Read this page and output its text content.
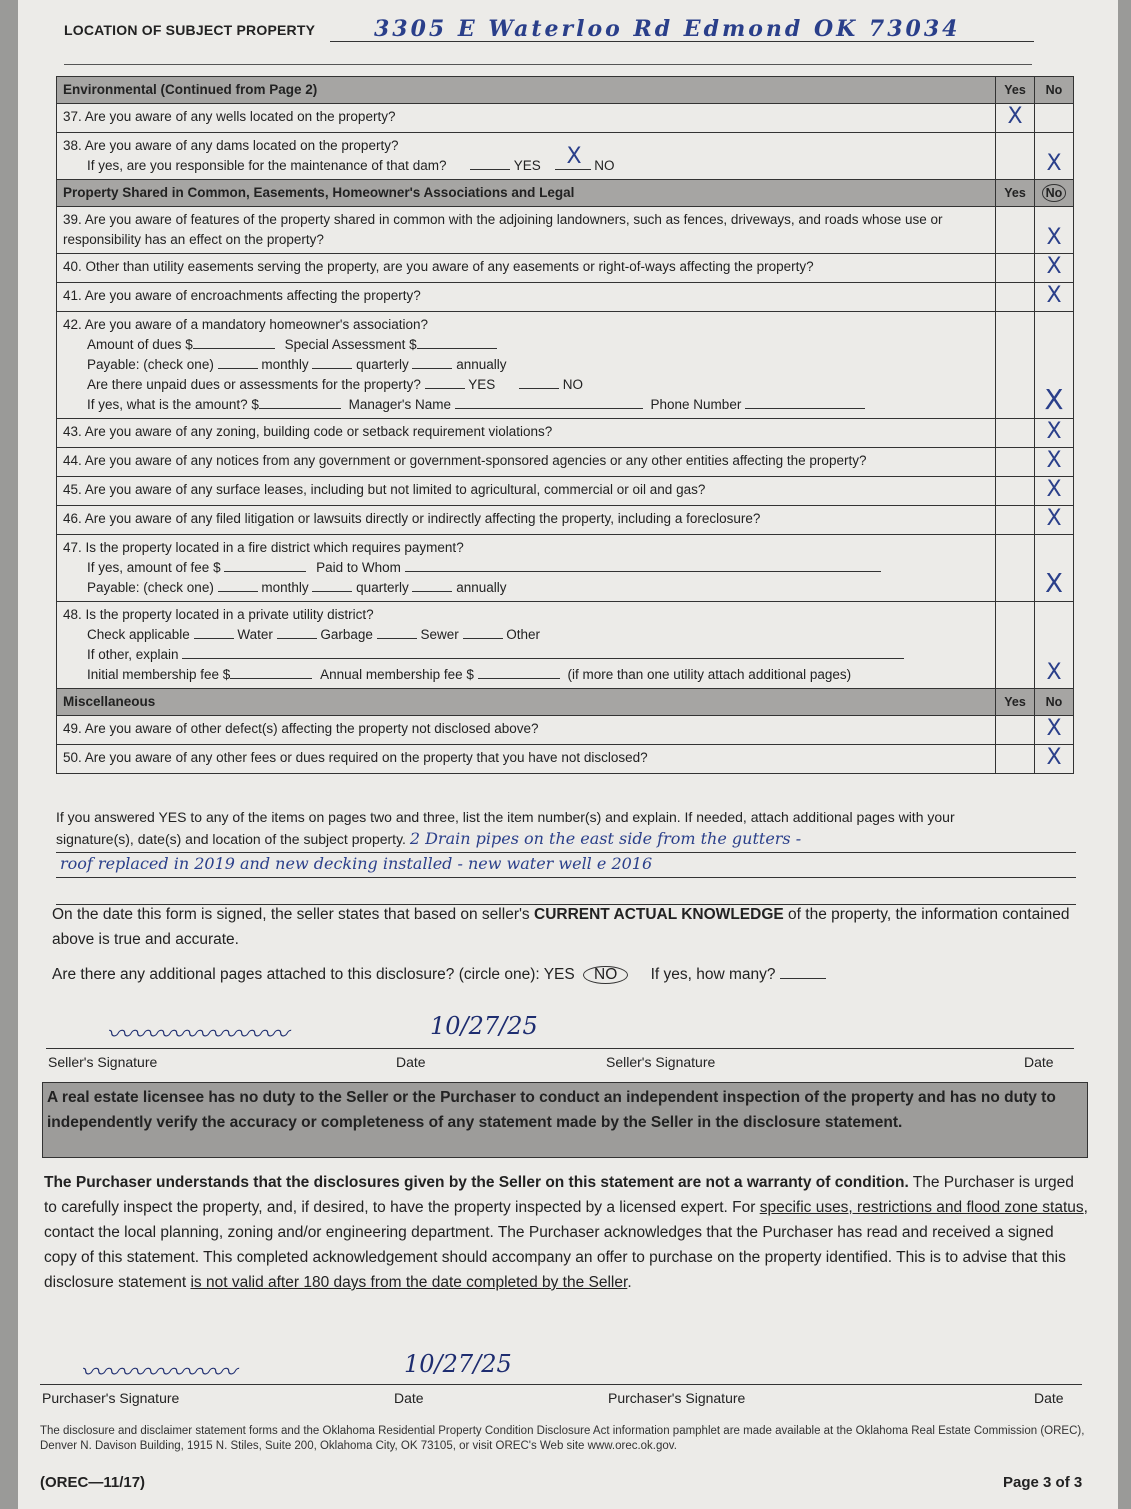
LOCATION OF SUBJECT PROPERTY	3305 E Waterloo Rd Edmond OK 73034
Environmental (Continued from Page 2)	Yes	No
37. Are you aware of any wells located on the property?	X	

38. Are you aware of any dams located on the property?
If yes, are you responsible for the maintenance of that dam? YES X NO		X
Property Shared in Common, Easements, Homeowner's Associations and Legal	Yes	No
39. Are you aware of features of the property shared in common with the adjoining landowners, such as fences, driveways, and roads whose use or responsibility has an effect on the property?		X
40. Other than utility easements serving the property, are you aware of any easements or right-of-ways affecting the property?		X
41. Are you aware of encroachments affecting the property?		X

42. Are you aware of a mandatory homeowner's association?
Amount of dues $ Special Assessment $
Payable: (check one) monthly quarterly annually
Are there unpaid dues or assessments for the property? YES NO
If yes, what is the amount? $ Manager's Name Phone Number		X
43. Are you aware of any zoning, building code or setback requirement violations?		X
44. Are you aware of any notices from any government or government-sponsored agencies or any other entities affecting the property?		X
45. Are you aware of any surface leases, including but not limited to agricultural, commercial or oil and gas?		X
46. Are you aware of any filed litigation or lawsuits directly or indirectly affecting the property, including a foreclosure?		X

47. Is the property located in a fire district which requires payment?
If yes, amount of fee $ Paid to Whom
Payable: (check one) monthly quarterly annually		X

48. Is the property located in a private utility district?
Check applicable Water Garbage Sewer Other
If other, explain
Initial membership fee $ Annual membership fee $ (if more than one utility attach additional pages)		X
Miscellaneous	Yes	No
49. Are you aware of other defect(s) affecting the property not disclosed above?		X
50. Are you aware of any other fees or dues required on the property that you have not disclosed?		X
If you answered YES to any of the items on pages two and three, list the item number(s) and explain. If needed, attach additional pages with your
signature(s), date(s) and location of the subject property. 2 Drain pipes on the east side from the gutters -
roof replaced in 2019 and new decking installed - new water well e 2016
On the date this form is signed, the seller states that based on seller's CURRENT ACTUAL KNOWLEDGE of the property, the information contained above is true and accurate.
Are there any additional pages attached to this disclosure? (circle one): YES NO If yes, how many?
〰〰〰〰〰〰〰	10/27/25
Seller's Signature	Date	Seller's Signature	Date
A real estate licensee has no duty to the Seller or the Purchaser to conduct an independent inspection of the property and has no duty to independently verify the accuracy or completeness of any statement made by the Seller in the disclosure statement.
The Purchaser understands that the disclosures given by the Seller on this statement are not a warranty of condition. The Purchaser is urged to carefully inspect the property, and, if desired, to have the property inspected by a licensed expert. For specific uses, restrictions and flood zone status, contact the local planning, zoning and/or engineering department. The Purchaser acknowledges that the Purchaser has read and received a signed copy of this statement. This completed acknowledgement should accompany an offer to purchase on the property identified. This is to advise that this disclosure statement is not valid after 180 days from the date completed by the Seller.
〰〰〰〰〰〰	10/27/25
Purchaser's Signature	Date	Purchaser's Signature	Date
The disclosure and disclaimer statement forms and the Oklahoma Residential Property Condition Disclosure Act information pamphlet are made available at the Oklahoma Real Estate Commission (OREC), Denver N. Davison Building, 1915 N. Stiles, Suite 200, Oklahoma City, OK 73105, or visit OREC's Web site www.orec.ok.gov.
(OREC—11/17)	Page 3 of 3
